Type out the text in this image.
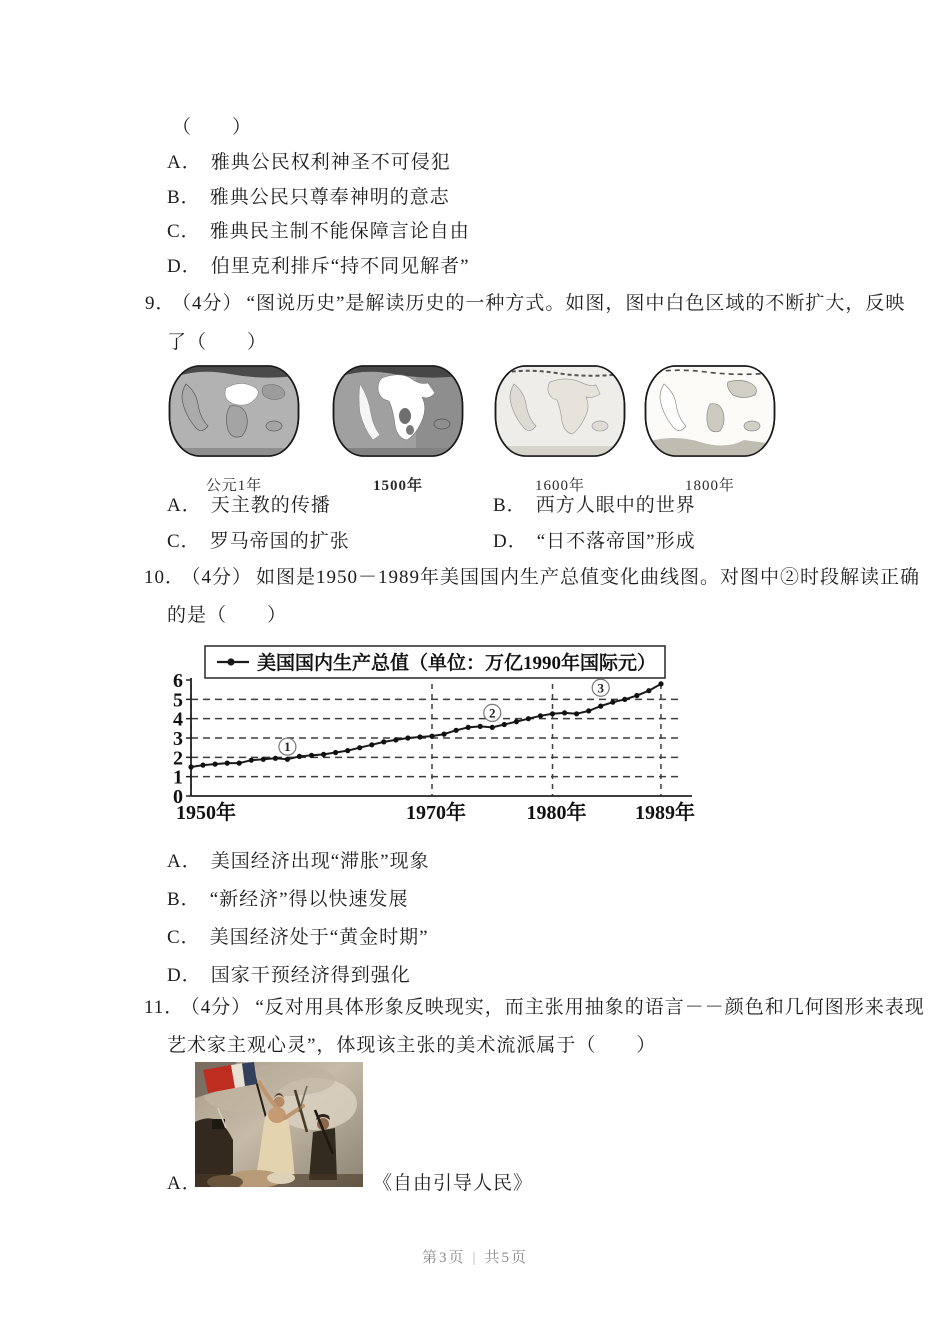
（　　）
A． 雅典公民权利神圣不可侵犯
B． 雅典公民只尊奉神明的意志
C． 雅典民主制不能保障言论自由
D． 伯里克利排斥“持不同见解者”
9． （4分） “图说历史”是解读历史的一种方式。如图，图中白色区域的不断扩大，反映
了（　　）
公元1年	1500年	1600年	1800年
A． 天主教的传播	B． 西方人眼中的世界
C． 罗马帝国的扩张	D． “日不落帝国”形成
10． （4分） 如图是1950－1989年美国国内生产总值变化曲线图。对图中②时段解读正确
的是（　　）
美国国内生产总值（单位：万亿1990年国际元）
0
1
2
3
4
5
6
1950年	1970年	1980年 1989年
1
2
3
A． 美国经济出现“滞胀”现象
B． “新经济”得以快速发展
C． 美国经济处于“黄金时期”
D． 国家干预经济得到强化
11． （4分） “反对用具体形象反映现实，而主张用抽象的语言－－颜色和几何图形来表现
艺术家主观心灵”，体现该主张的美术流派属于（　　）
A．	《自由引导人民》
第3页 | 共5页
